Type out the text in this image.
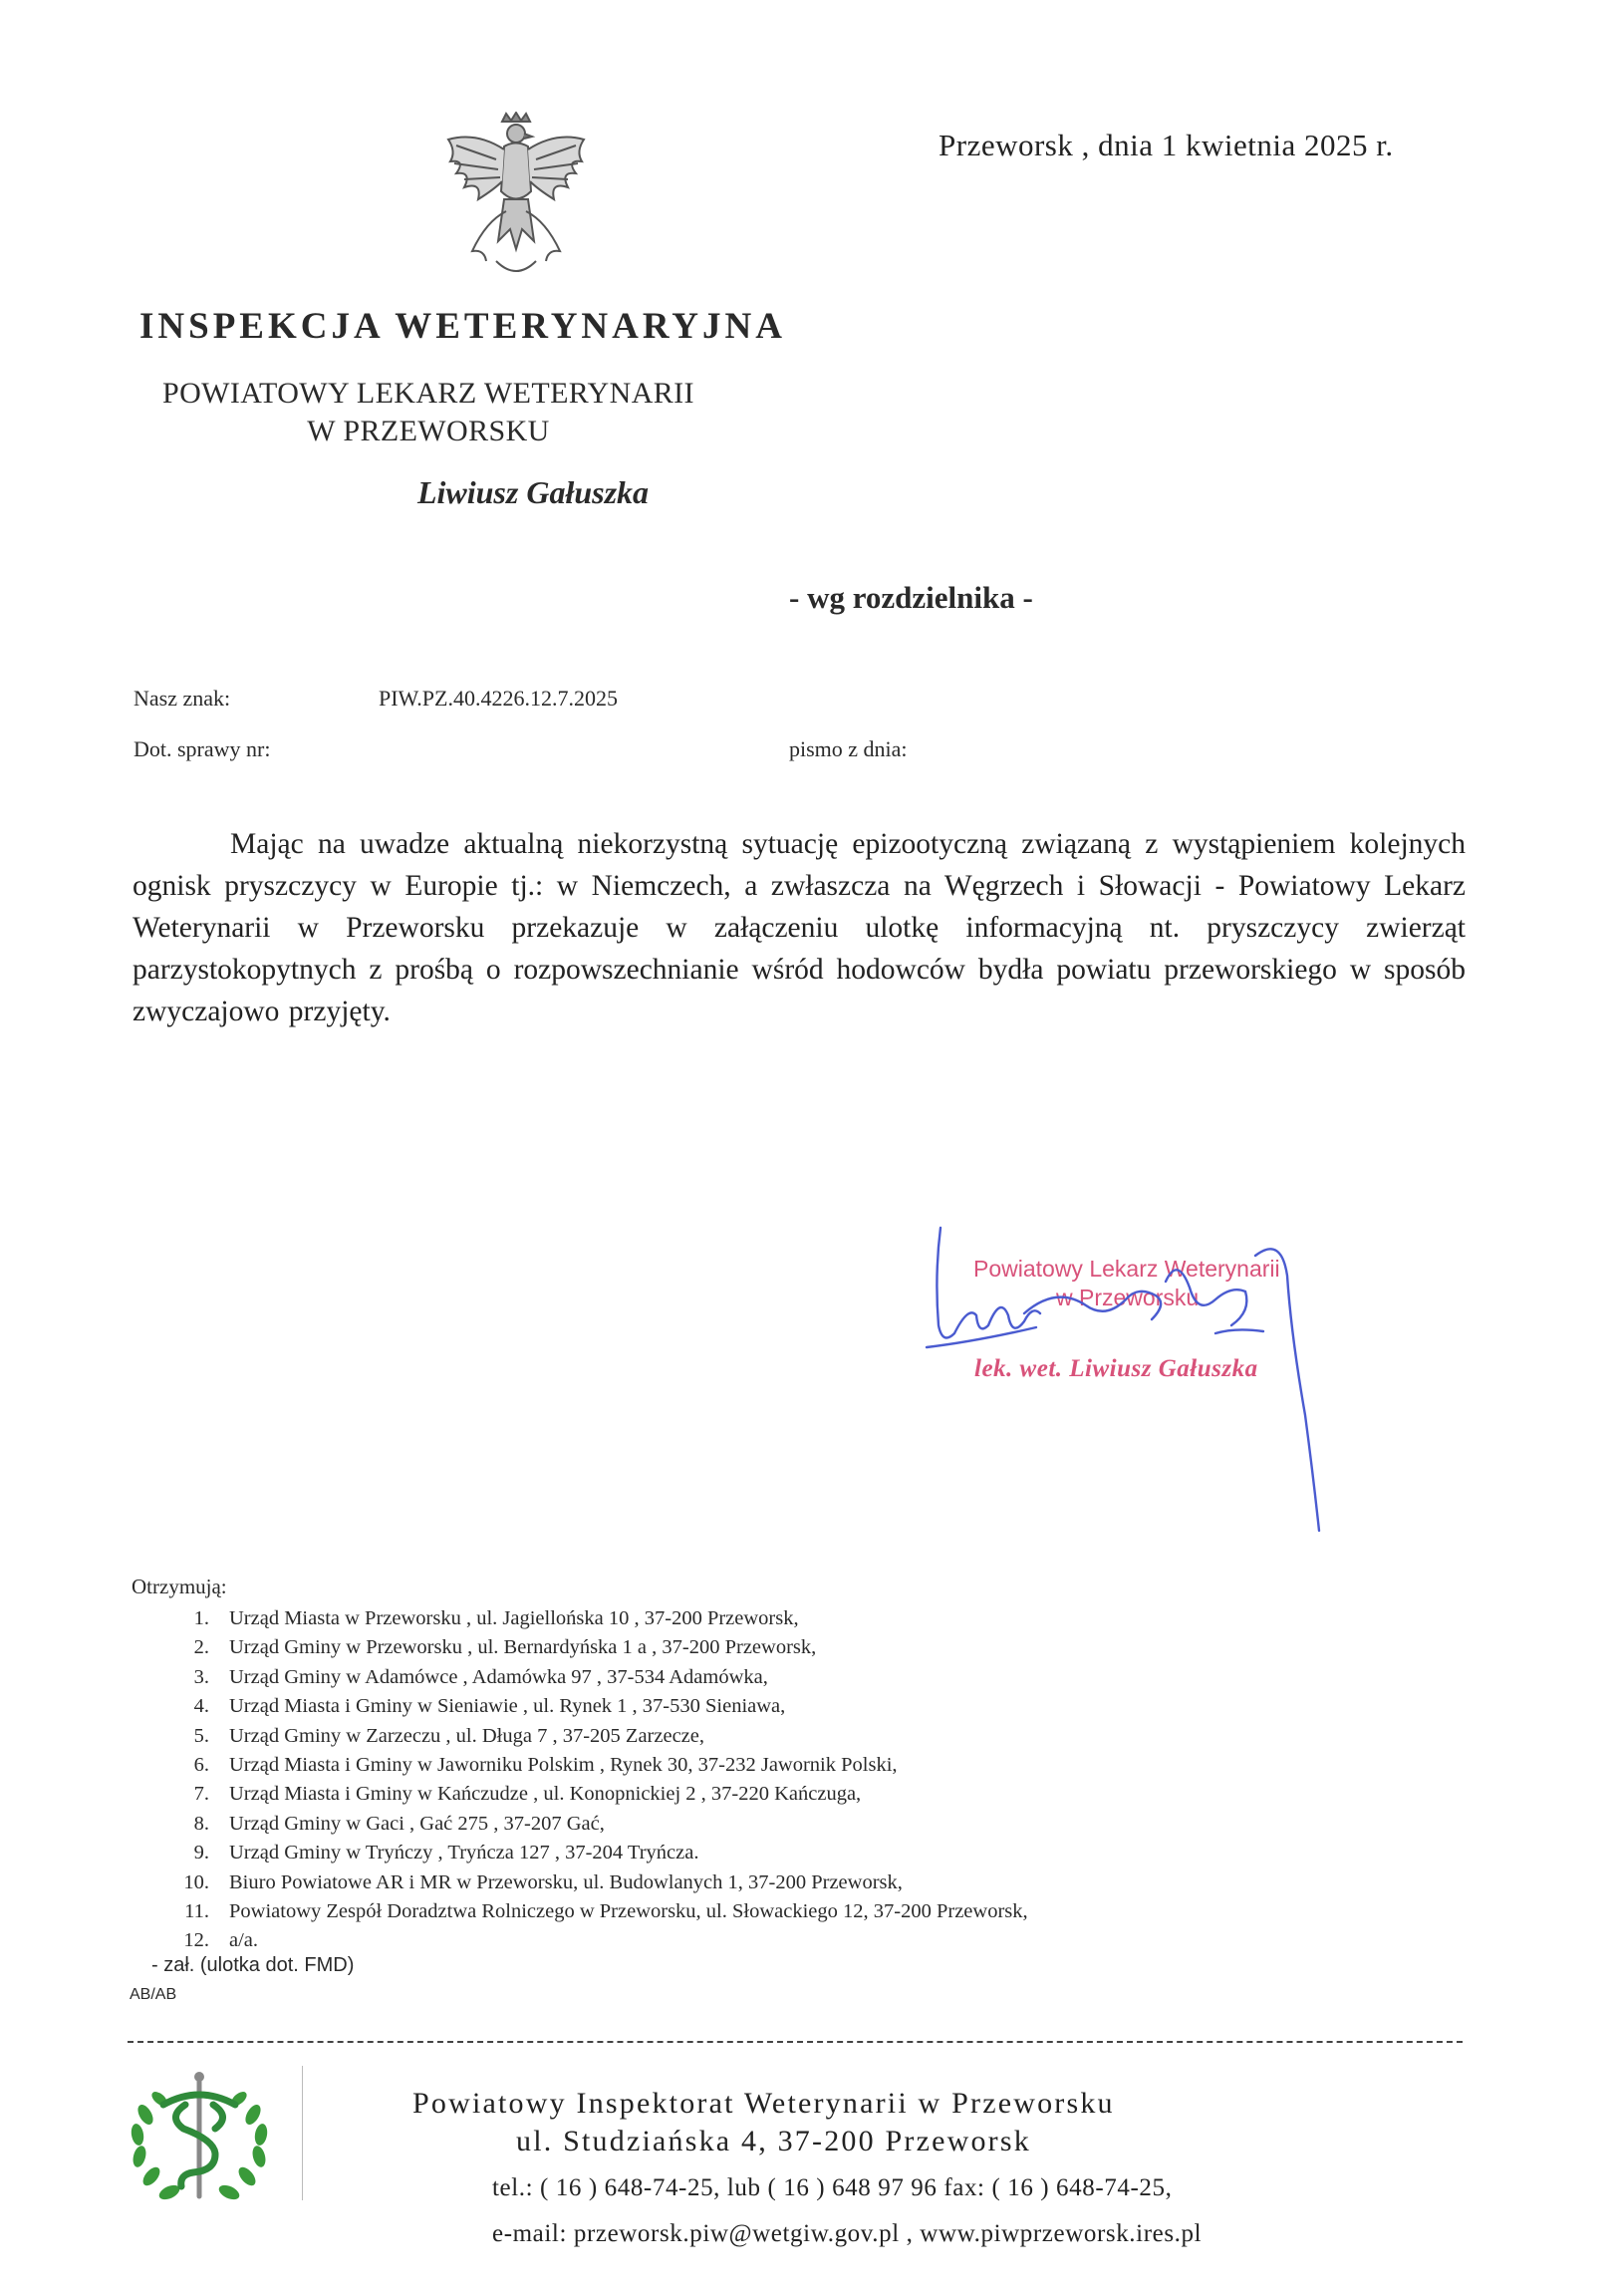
Przeworsk , dnia 1 kwietnia 2025 r.
INSPEKCJA WETERYNARYJNA
POWIATOWY LEKARZ WETERYNARII
W PRZEWORSKU
Liwiusz Gałuszka
- wg rozdzielnika -
Nasz znak:	PIW.PZ.40.4226.12.7.2025
Dot. sprawy nr:	pismo z dnia:
Mając na uwadze aktualną niekorzystną sytuację epizootyczną związaną z wystąpieniem kolejnych ognisk pryszczycy w Europie tj.: w Niemczech, a zwłaszcza na Węgrzech i Słowacji - Powiatowy Lekarz Weterynarii w Przeworsku przekazuje w załączeniu ulotkę informacyjną nt. pryszczycy zwierząt parzystokopytnych z prośbą o rozpowszechnianie wśród hodowców bydła powiatu przeworskiego w sposób zwyczajowo przyjęty.
Powiatowy Lekarz Weterynarii
w Przeworsku
lek. wet. Liwiusz Gałuszka
Otrzymują:
1. Urząd Miasta w Przeworsku , ul. Jagiellońska 10 , 37-200 Przeworsk,
2. Urząd Gminy w Przeworsku , ul. Bernardyńska 1 a , 37-200 Przeworsk,
3. Urząd Gminy w Adamówce , Adamówka 97 , 37-534 Adamówka,
4. Urząd Miasta i Gminy w Sieniawie , ul. Rynek 1 , 37-530 Sieniawa,
5. Urząd Gminy w Zarzeczu , ul. Długa 7 , 37-205 Zarzecze,
6. Urząd Miasta i Gminy w Jaworniku Polskim , Rynek 30, 37-232 Jawornik Polski,
7. Urząd Miasta i Gminy w Kańczudze , ul. Konopnickiej 2 , 37-220 Kańczuga,
8. Urząd Gminy w Gaci , Gać 275 , 37-207 Gać,
9. Urząd Gminy w Tryńczy , Tryńcza 127 , 37-204 Tryńcza.
10. Biuro Powiatowe AR i MR w Przeworsku, ul. Budowlanych 1, 37-200 Przeworsk,
11. Powiatowy Zespół Doradztwa Rolniczego w Przeworsku, ul. Słowackiego 12, 37-200 Przeworsk,
12. a/a.
- zał. (ulotka dot. FMD)
AB/AB
Powiatowy Inspektorat Weterynarii w Przeworsku
ul. Studziańska 4, 37-200 Przeworsk
tel.: ( 16 ) 648-74-25, lub ( 16 ) 648 97 96 fax: ( 16 ) 648-74-25,
e-mail: przeworsk.piw@wetgiw.gov.pl , www.piwprzeworsk.ires.pl
